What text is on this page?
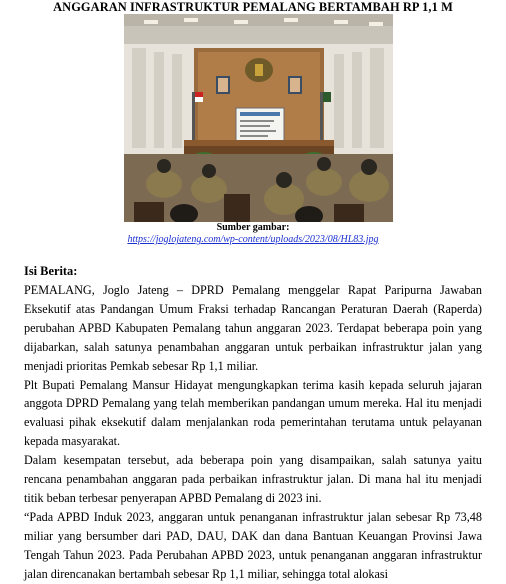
ANGGARAN INFRASTRUKTUR PEMALANG BERTAMBAH RP 1,1 M
Sumber gambar:
https://joglojateng.com/wp-content/uploads/2023/08/HL83.jpg
Isi Berita:

PEMALANG, Joglo Jateng – DPRD Pemalang menggelar Rapat Paripurna Jawaban Eksekutif atas Pandangan Umum Fraksi terhadap Rancangan Peraturan Daerah (Raperda) perubahan APBD Kabupaten Pemalang tahun anggaran 2023. Terdapat beberapa poin yang dijabarkan, salah satunya penambahan anggaran untuk perbaikan infrastruktur jalan yang menjadi prioritas Pemkab sebesar Rp 1,1 miliar.

Plt Bupati Pemalang Mansur Hidayat mengungkapkan terima kasih kepada seluruh jajaran anggota DPRD Pemalang yang telah memberikan pandangan umum mereka. Hal itu menjadi evaluasi pihak eksekutif dalam menjalankan roda pemerintahan terutama untuk pelayanan kepada masyarakat.

Dalam kesempatan tersebut, ada beberapa poin yang disampaikan, salah satunya yaitu rencana penambahan anggaran pada perbaikan infrastruktur jalan. Di mana hal itu menjadi titik beban terbesar penyerapan APBD Pemalang di 2023 ini.

“Pada APBD Induk 2023, anggaran untuk penanganan infrastruktur jalan sebesar Rp 73,48 miliar yang bersumber dari PAD, DAU, DAK dan dana Bantuan Keuangan Provinsi Jawa Tengah Tahun 2023. Pada Perubahan APBD 2023, untuk penanganan anggaran infrastruktur jalan direncanakan bertambah sebesar Rp 1,1 miliar, sehingga total alokasi
